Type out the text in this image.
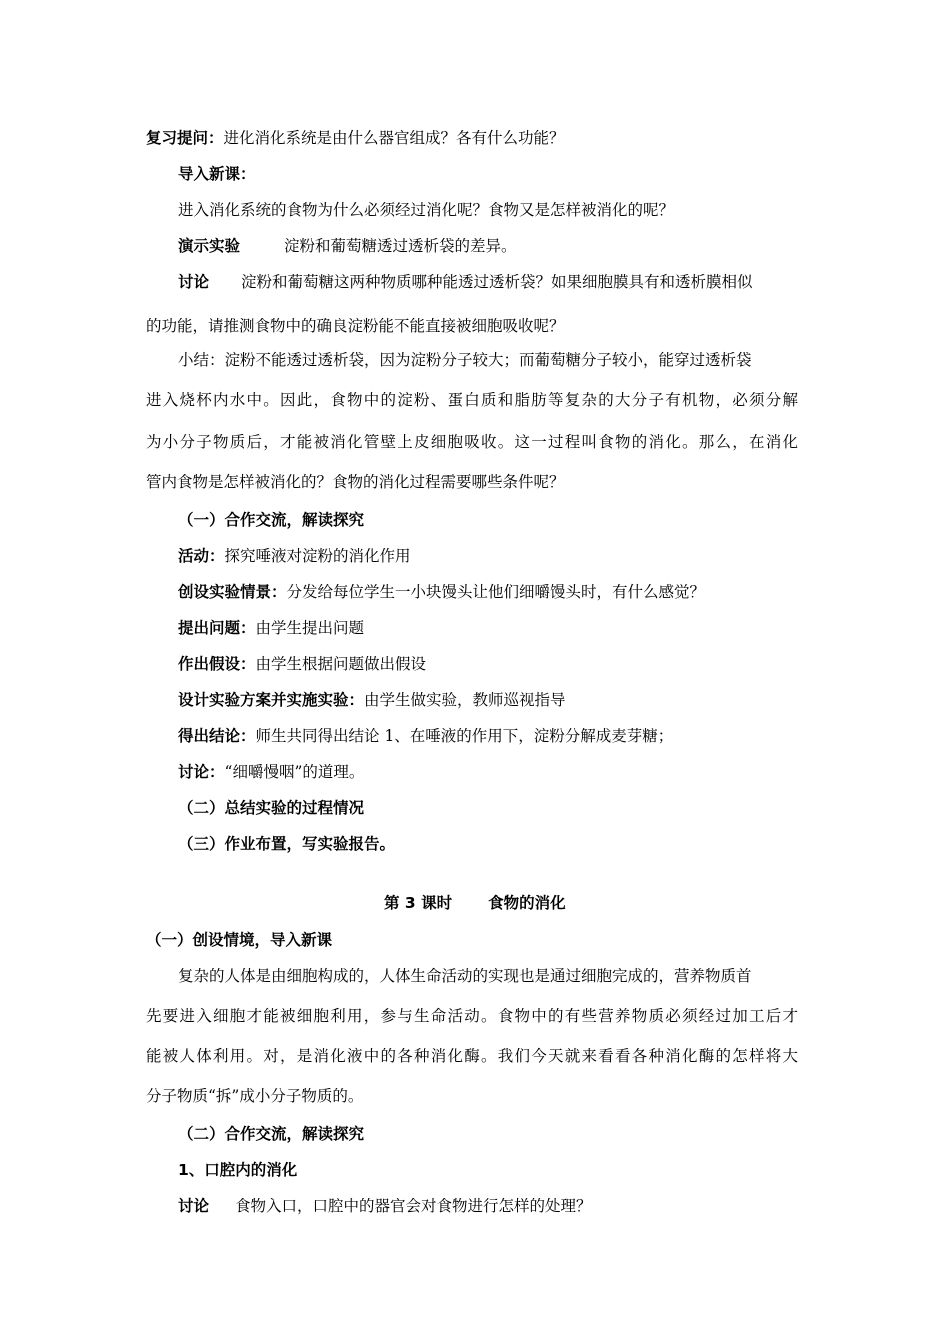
复习提问：进化消化系统是由什么器官组成？各有什么功能？
导入新课：
进入消化系统的食物为什么必须经过消化呢？食物又是怎样被消化的呢？
演示实验	淀粉和葡萄糖透过透析袋的差异。
讨论 淀粉和葡萄糖这两种物质哪种能透过透析袋？如果细胞膜具有和透析膜相似
的功能，请推测食物中的确良淀粉能不能直接被细胞吸收呢？
小结：淀粉不能透过透析袋，因为淀粉分子较大；而葡萄糖分子较小，能穿过透析袋
进入烧杯内水中。因此，食物中的淀粉、蛋白质和脂肪等复杂的大分子有机物，必须分解
为小分子物质后，才能被消化管壁上皮细胞吸收。这一过程叫食物的消化。那么，在消化
管内食物是怎样被消化的？食物的消化过程需要哪些条件呢？
（一）合作交流，解读探究
活动：探究唾液对淀粉的消化作用
创设实验情景：分发给每位学生一小块馒头让他们细嚼馒头时，有什么感觉？
提出问题：由学生提出问题
作出假设：由学生根据问题做出假设
设计实验方案并实施实验：由学生做实验，教师巡视指导
得出结论：师生共同得出结论 1、在唾液的作用下，淀粉分解成麦芽糖；
讨论：“细嚼慢咽”的道理。
（二）总结实验的过程情况
（三）作业布置，写实验报告。
第 3 课时 食物的消化
（一）创设情境，导入新课
复杂的人体是由细胞构成的，人体生命活动的实现也是通过细胞完成的，营养物质首
先要进入细胞才能被细胞利用，参与生命活动。食物中的有些营养物质必须经过加工后才
能被人体利用。对，是消化液中的各种消化酶。我们今天就来看看各种消化酶的怎样将大
分子物质“拆”成小分子物质的。
（二）合作交流，解读探究
1、口腔内的消化
讨论 食物入口，口腔中的器官会对食物进行怎样的处理？
